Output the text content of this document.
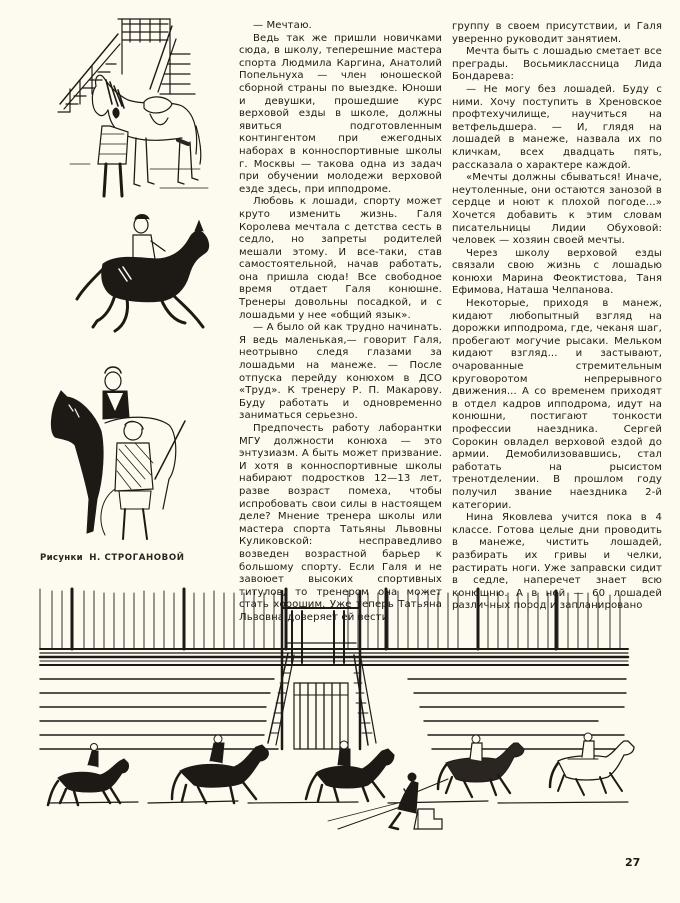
Рисунки Н. СТРОГАНОВОЙ

— Мечтаю.

Ведь так же пришли новичками сюда, в школу, теперешние мастера спорта Людмила Каргина, Анатолий Попельнуха — член юношеской сборной страны по выездке. Юноши и девушки, прошедшие курс верховой езды в школе, должны явиться подготовленным контингентом при ежегодных наборах в конноспортивные школы г. Москвы — такова одна из задач при обучении молодежи верховой езде здесь, при ипподроме.

Любовь к лошади, спорту может круто изменить жизнь. Галя Королева мечтала с детства сесть в седло, но запреты родителей мешали этому. И все-таки, став самостоятельной, начав работать, она пришла сюда! Все свободное время отдает Галя конюшне. Тренеры довольны посадкой, и с лошадьми у нее «общий язык».

— А было ой как трудно начинать. Я ведь маленькая,— говорит Галя, неотрывно следя глазами за лошадьми на манеже. — После отпуска перейду конюхом в ДСО «Труд». К тренеру Р. П. Макарову. Буду работать и одновременно заниматься серьезно.

Предпочесть работу лаборантки МГУ должности конюха — это энтузиазм. А быть может призвание. И хотя в конноспортивные школы набирают подростков 12—13 лет, разве возраст помеха, чтобы испробовать свои силы в настоящем деле? Мнение тренера школы или мастера спорта Татьяны Львовны Куликовской: несправедливо возведен возрастной барьер к большому спорту. Если Галя и не завоюет высоких спортивных титулов, то тренером она может стать хорошим. Уже теперь Татьяна Львовна доверяет ей вести

группу в своем присутствии, и Галя уверенно руководит занятием.

Мечта быть с лошадью сметает все преграды. Восьмиклассница Лида Бондарева:

— Не могу без лошадей. Буду с ними. Хочу поступить в Хреновское профтехучилище, научиться на ветфельдшера. — И, глядя на лошадей в манеже, назвала их по кличкам, всех двадцать пять, рассказала о характере каждой.

«Мечты должны сбываться! Иначе, неутоленные, они остаются занозой в сердце и ноют к плохой погоде...» Хочется добавить к этим словам писательницы Лидии Обуховой: человек — хозяин своей мечты.

Через школу верховой езды связали свою жизнь с лошадью конюхи Марина Феоктистова, Таня Ефимова, Наташа Челпанова.

Некоторые, приходя в манеж, кидают любопытный взгляд на дорожки ипподрома, где, чеканя шаг, пробегают могучие рысаки. Мельком кидают взгляд... и застывают, очарованные стремительным круговоротом непрерывного движения... А со временем приходят в отдел кадров ипподрома, идут на конюшни, постигают тонкости профессии наездника. Сергей Сорокин овладел верховой ездой до армии. Демобилизовавшись, стал работать на рысистом тренотделении. В прошлом году получил звание наездника 2-й категории.

Нина Яковлева учится пока в 4 классе. Готова целые дни проводить в манеже, чистить лошадей, разбирать их гривы и челки, растирать ноги. Уже заправски сидит в седле, наперечет знает всю конюшню. А в ней — 60 лошадей различных пород и запланировано

27
